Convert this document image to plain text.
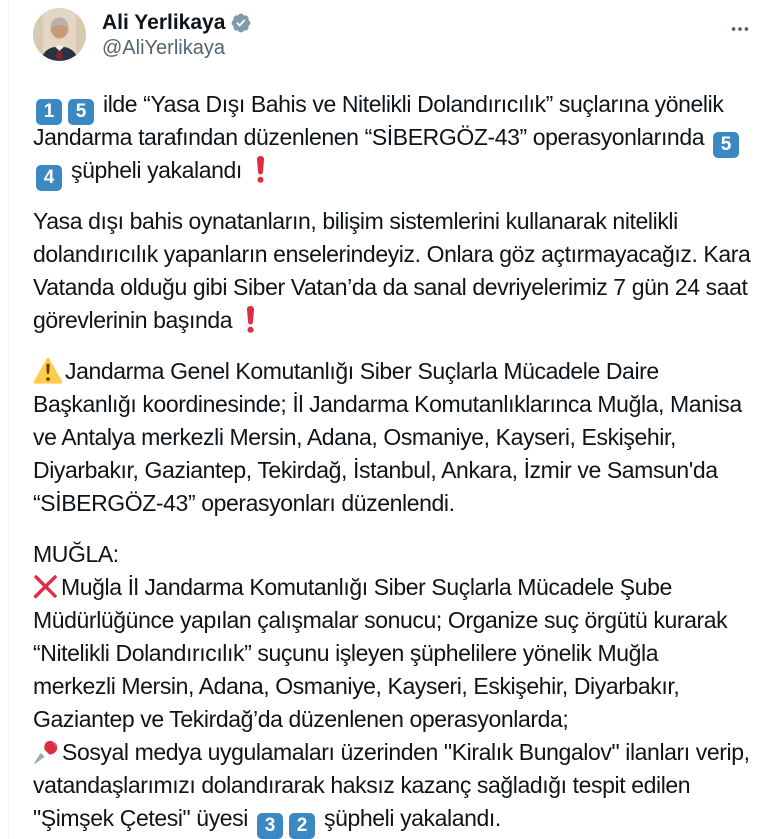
Ali Yerlikaya
@AliYerlikaya
1 5 ilde “Yasa Dışı Bahis ve Nitelikli Dolandırıcılık” suçlarına yönelik
Jandarma tarafından düzenlenen “SİBERGÖZ-43” operasyonlarında 5
4 şüpheli yakalandı
Yasa dışı bahis oynatanların, bilişim sistemlerini kullanarak nitelikli
dolandırıcılık yapanların enselerindeyiz. Onlara göz açtırmayacağız. Kara
Vatanda olduğu gibi Siber Vatan’da da sanal devriyelerimiz 7 gün 24 saat
görevlerinin başında
Jandarma Genel Komutanlığı Siber Suçlarla Mücadele Daire
Başkanlığı koordinesinde; İl Jandarma Komutanlıklarınca Muğla, Manisa
ve Antalya merkezli Mersin, Adana, Osmaniye, Kayseri, Eskişehir,
Diyarbakır, Gaziantep, Tekirdağ, İstanbul, Ankara, İzmir ve Samsun'da
“SİBERGÖZ-43” operasyonları düzenlendi.
MUĞLA:
Muğla İl Jandarma Komutanlığı Siber Suçlarla Mücadele Şube
Müdürlüğünce yapılan çalışmalar sonucu; Organize suç örgütü kurarak
“Nitelikli Dolandırıcılık” suçunu işleyen şüphelilere yönelik Muğla
merkezli Mersin, Adana, Osmaniye, Kayseri, Eskişehir, Diyarbakır,
Gaziantep ve Tekirdağ’da düzenlenen operasyonlarda;
Sosyal medya uygulamaları üzerinden "Kiralık Bungalov" ilanları verip,
vatandaşlarımızı dolandırarak haksız kazanç sağladığı tespit edilen
"Şimşek Çetesi" üyesi 3 2 şüpheli yakalandı.
